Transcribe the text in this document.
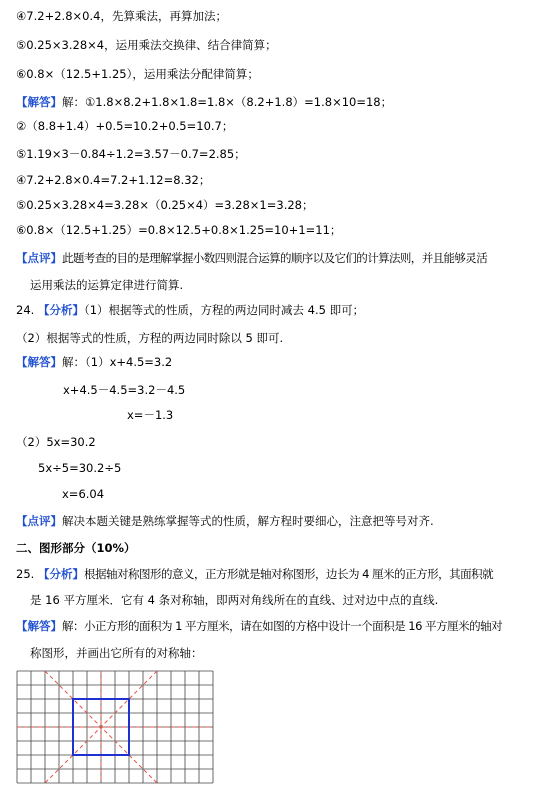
④7.2+2.8×0.4，先算乘法，再算加法；
⑤0.25×3.28×4，运用乘法交换律、结合律简算；
⑥0.8×（12.5+1.25），运用乘法分配律简算；
【解答】解：①1.8×8.2+1.8×1.8=1.8×（8.2+1.8）=1.8×10=18；
②（8.8+1.4）+0.5=10.2+0.5=10.7；
⑤1.19×3－0.84÷1.2=3.57－0.7=2.85；
④7.2+2.8×0.4=7.2+1.12=8.32；
⑤0.25×3.28×4=3.28×（0.25×4）=3.28×1=3.28；
⑥0.8×（12.5+1.25）=0.8×12.5+0.8×1.25=10+1=11；
【点评】此题考查的目的是理解掌握小数四则混合运算的顺序以及它们的计算法则，并且能够灵活
运用乘法的运算定律进行简算.
24. 【分析】（1）根据等式的性质，方程的两边同时减去 4.5 即可；
（2）根据等式的性质，方程的两边同时除以 5 即可.
【解答】解：（1）x+4.5=3.2
x+4.5－4.5=3.2－4.5
x=－1.3
（2）5x=30.2
5x÷5=30.2÷5
x=6.04
【点评】解决本题关键是熟练掌握等式的性质，解方程时要细心，注意把等号对齐.
二、图形部分（10%）
25. 【分析】根据轴对称图形的意义，正方形就是轴对称图形，边长为 4 厘米的正方形，其面积就
是 16 平方厘米．它有 4 条对称轴，即两对角线所在的直线、过对边中点的直线.
【解答】解：小正方形的面积为 1 平方厘米，请在如图的方格中设计一个面积是 16 平方厘米的轴对
称图形，并画出它所有的对称轴：
